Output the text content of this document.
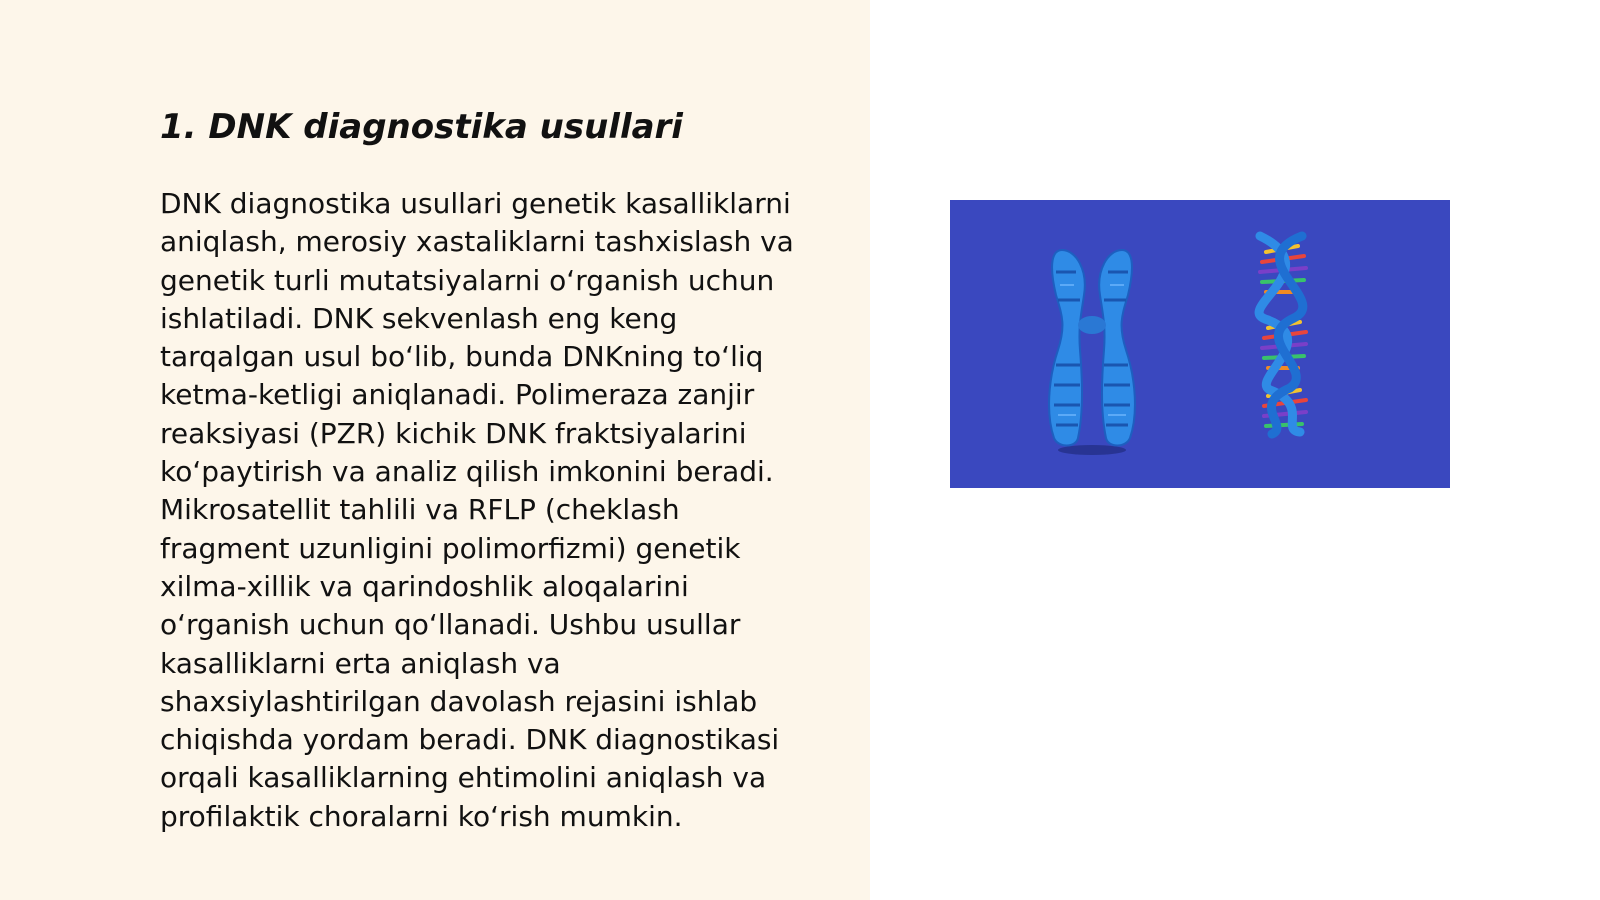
1. DNK diagnostika usullari
DNK diagnostika usullari genetik kasalliklarni
aniqlash, merosiy xastaliklarni tashxislash va
genetik turli mutatsiyalarni o‘rganish uchun
ishlatiladi. DNK sekvenlash eng keng
tarqalgan usul bo‘lib, bunda DNKning to‘liq
ketma-ketligi aniqlanadi. Polimeraza zanjir
reaksiyasi (PZR) kichik DNK fraktsiyalarini
ko‘paytirish va analiz qilish imkonini beradi.
Mikrosatellit tahlili va RFLP (cheklash
fragment uzunligini polimorfizmi) genetik
xilma-xillik va qarindoshlik aloqalarini
o‘rganish uchun qo‘llanadi. Ushbu usullar
kasalliklarni erta aniqlash va
shaxsiylashtirilgan davolash rejasini ishlab
chiqishda yordam beradi. DNK diagnostikasi
orqali kasalliklarning ehtimolini aniqlash va
profilaktik choralarni ko‘rish mumkin.
